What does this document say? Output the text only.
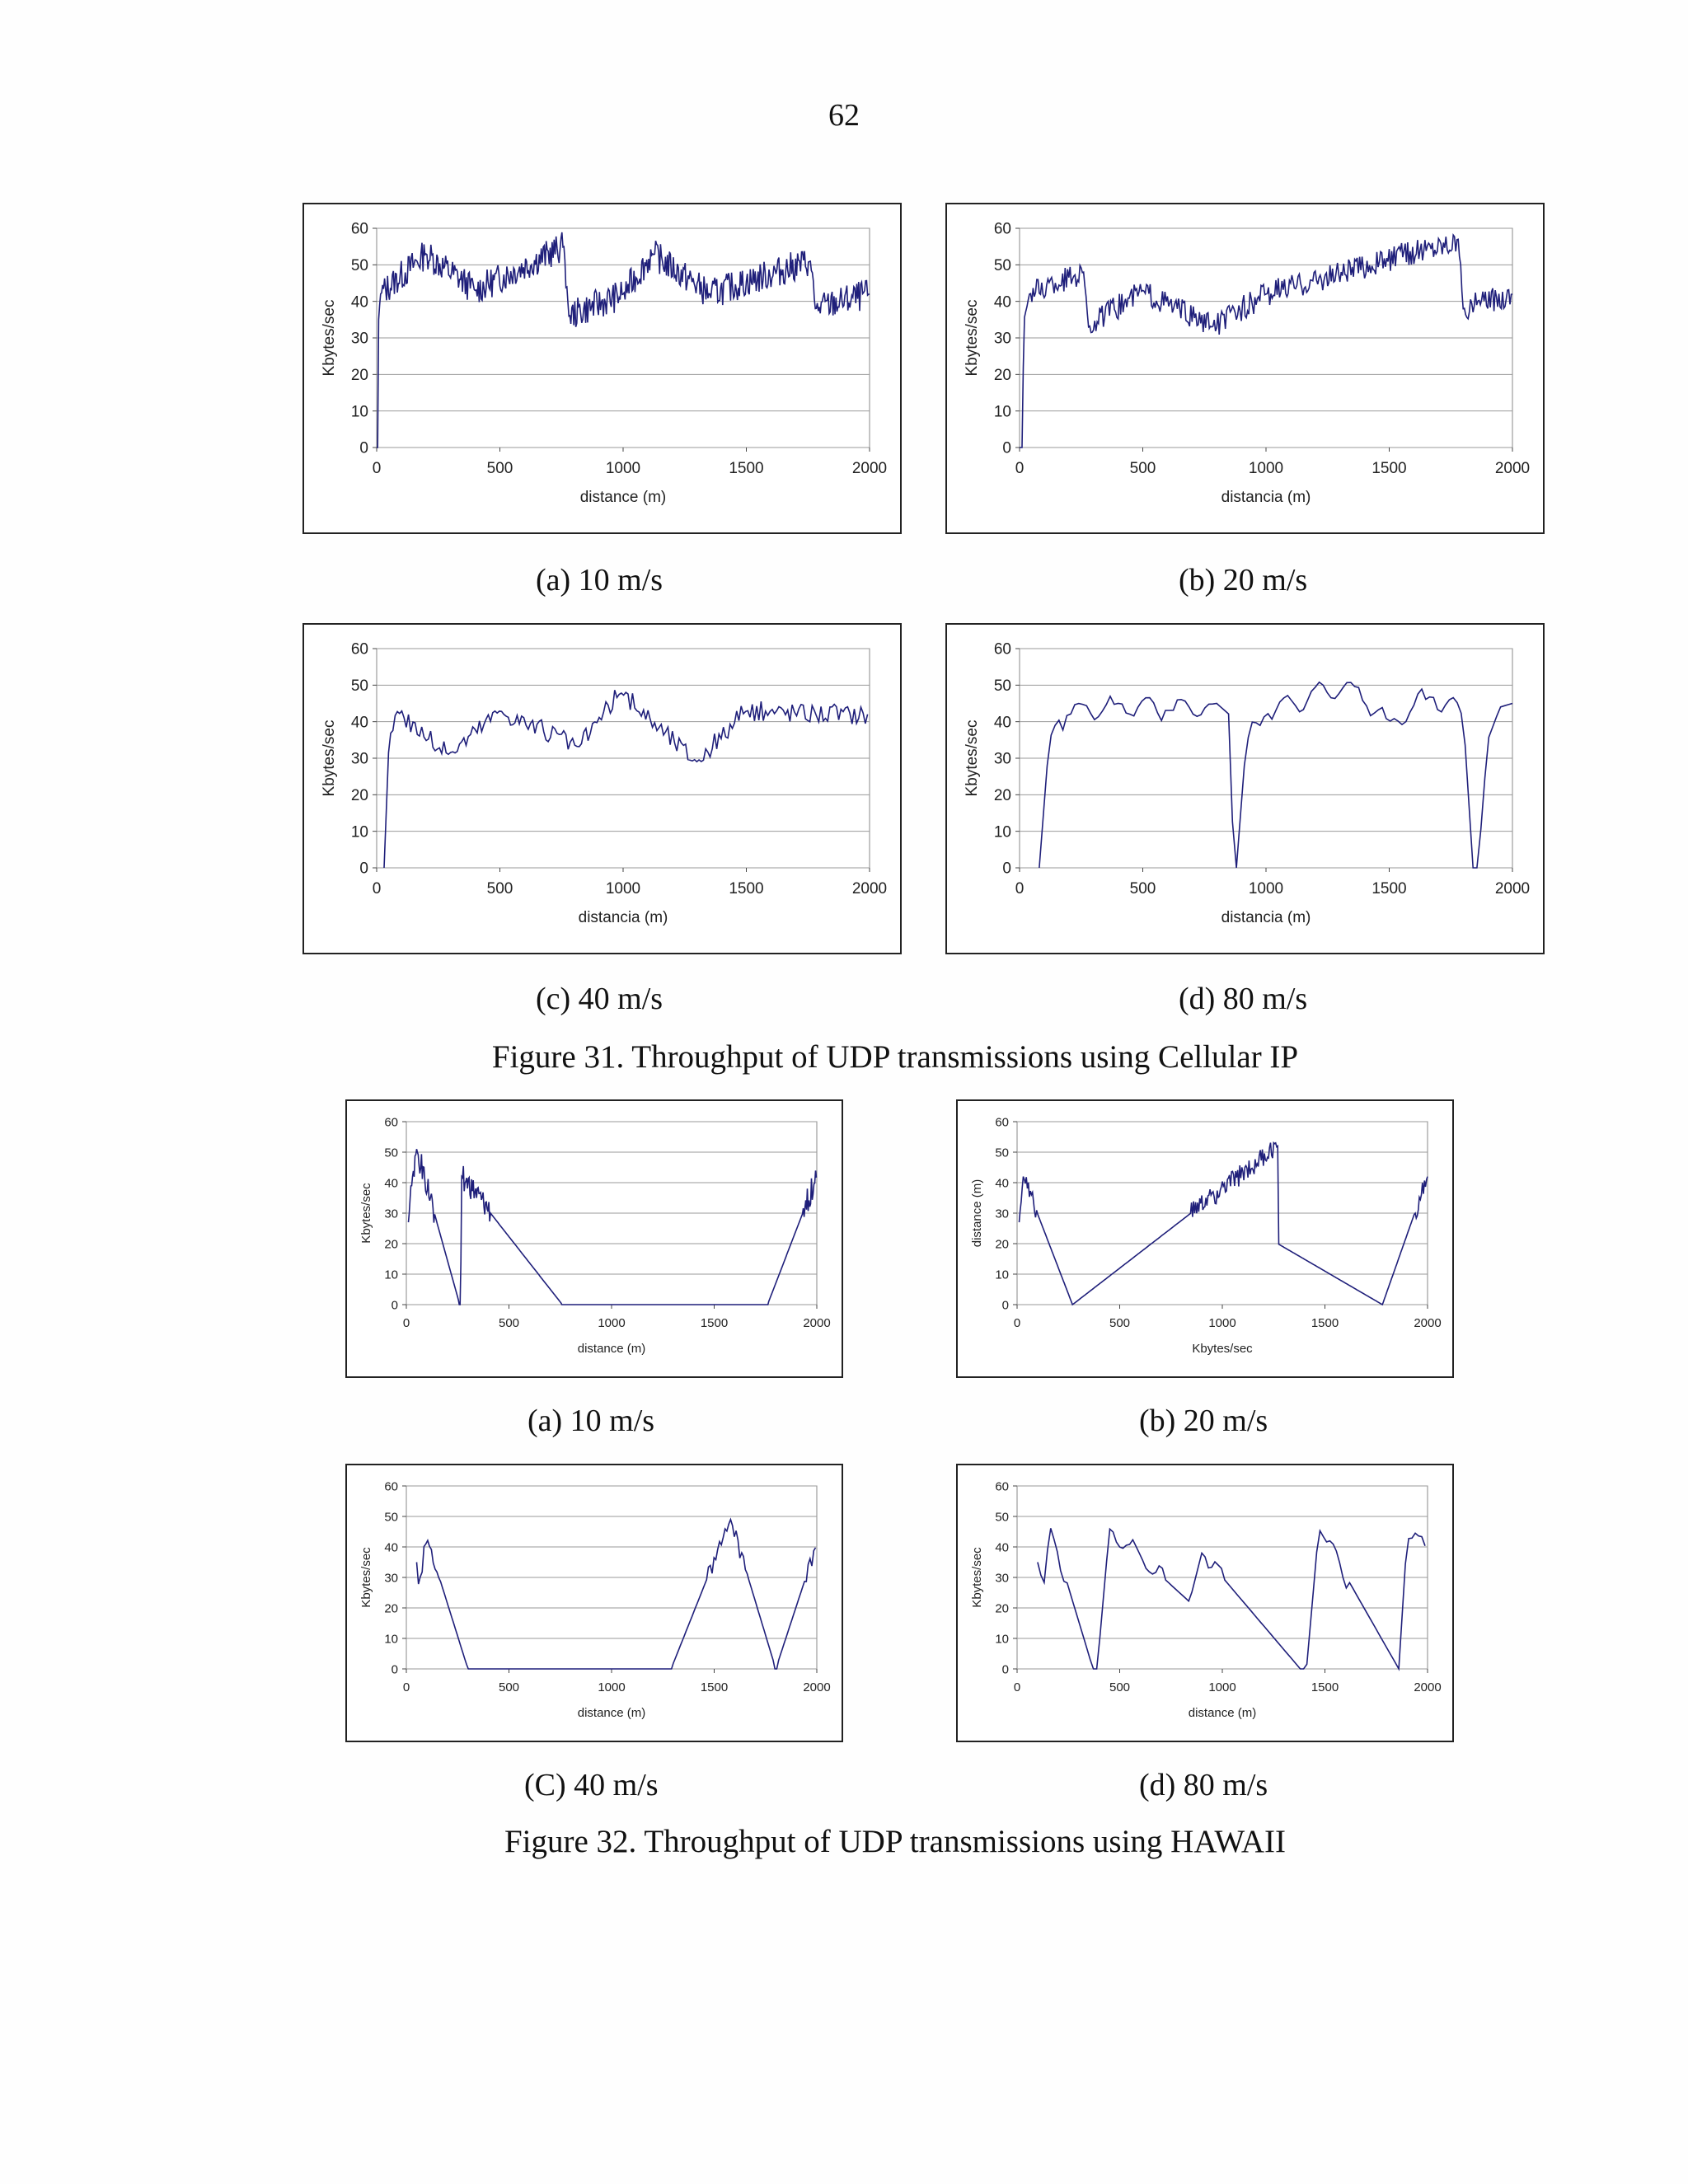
62
0
10
20
30
40
50
60
0	500	1000	1500	2000
distance (m)
Kbytes/sec
0
10
20
30
40
50
60
0	500	1000	1500	2000
distancia (m)
Kbytes/sec
(a) 10 m/s	(b) 20 m/s
0
10
20
30
40
50
60
0	500	1000	1500	2000
distancia (m)
Kbytes/sec
0
10
20
30
40
50
60
0	500	1000	1500	2000
distancia (m)
Kbytes/sec
(c) 40 m/s	(d) 80 m/s
Figure 31. Throughput of UDP transmissions using Cellular IP
0
10
20
30
40
50
60
0	500	1000	1500	2000
distance (m)
Kbytes/sec
0
10
20
30
40
50
60
0	500	1000	1500	2000
Kbytes/sec
distance (m)
(a) 10 m/s	(b) 20 m/s
0
10
20
30
40
50
60
0	500	1000	1500	2000
distance (m)
Kbytes/sec
0
10
20
30
40
50
60
0	500	1000	1500	2000
distance (m)
Kbytes/sec
(C) 40 m/s	(d) 80 m/s
Figure 32. Throughput of UDP transmissions using HAWAII
